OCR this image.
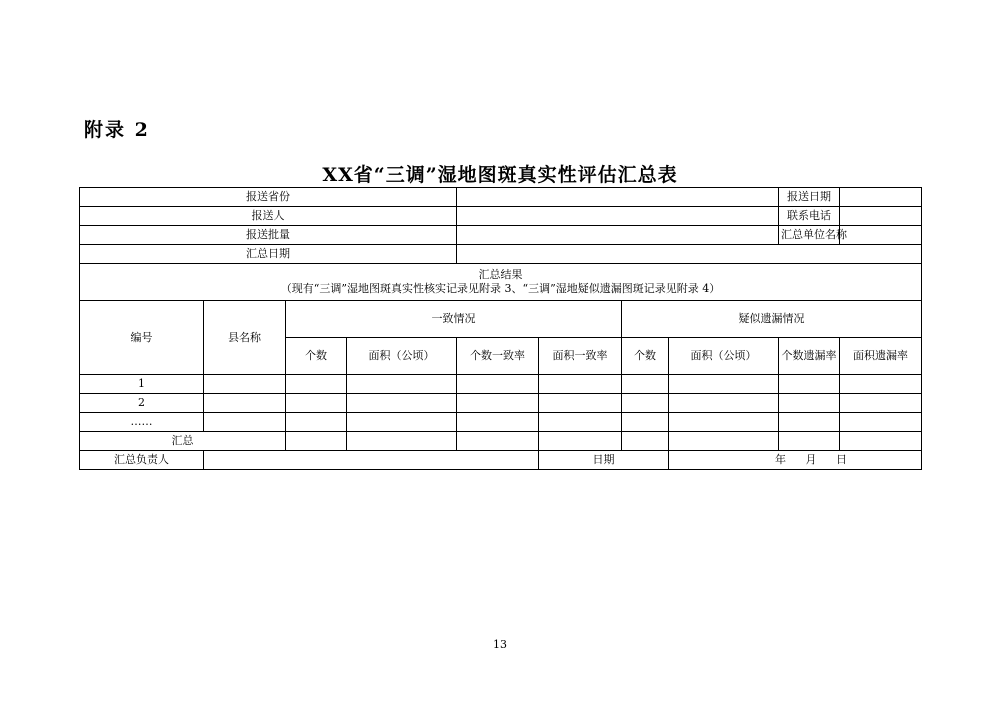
附录 2
XX省“三调”湿地图斑真实性评估汇总表
报送省份								报送日期	
报送人								联系电话	
报送批量								汇总单位名称	
汇总日期									

汇总结果
（现有“三调”湿地图斑真实性核实记录见附录 3、“三调”湿地疑似遗漏图斑记录见附录 4）									

编号	县名称	一致情况				疑似遗漏情况			
		个数	面积（公顷）	个数一致率	面积一致率	个数	面积（公顷）	个数遗漏率	面积遗漏率
1									
2									
……									
汇总									
汇总负责人					日期		年 月 日		
13
